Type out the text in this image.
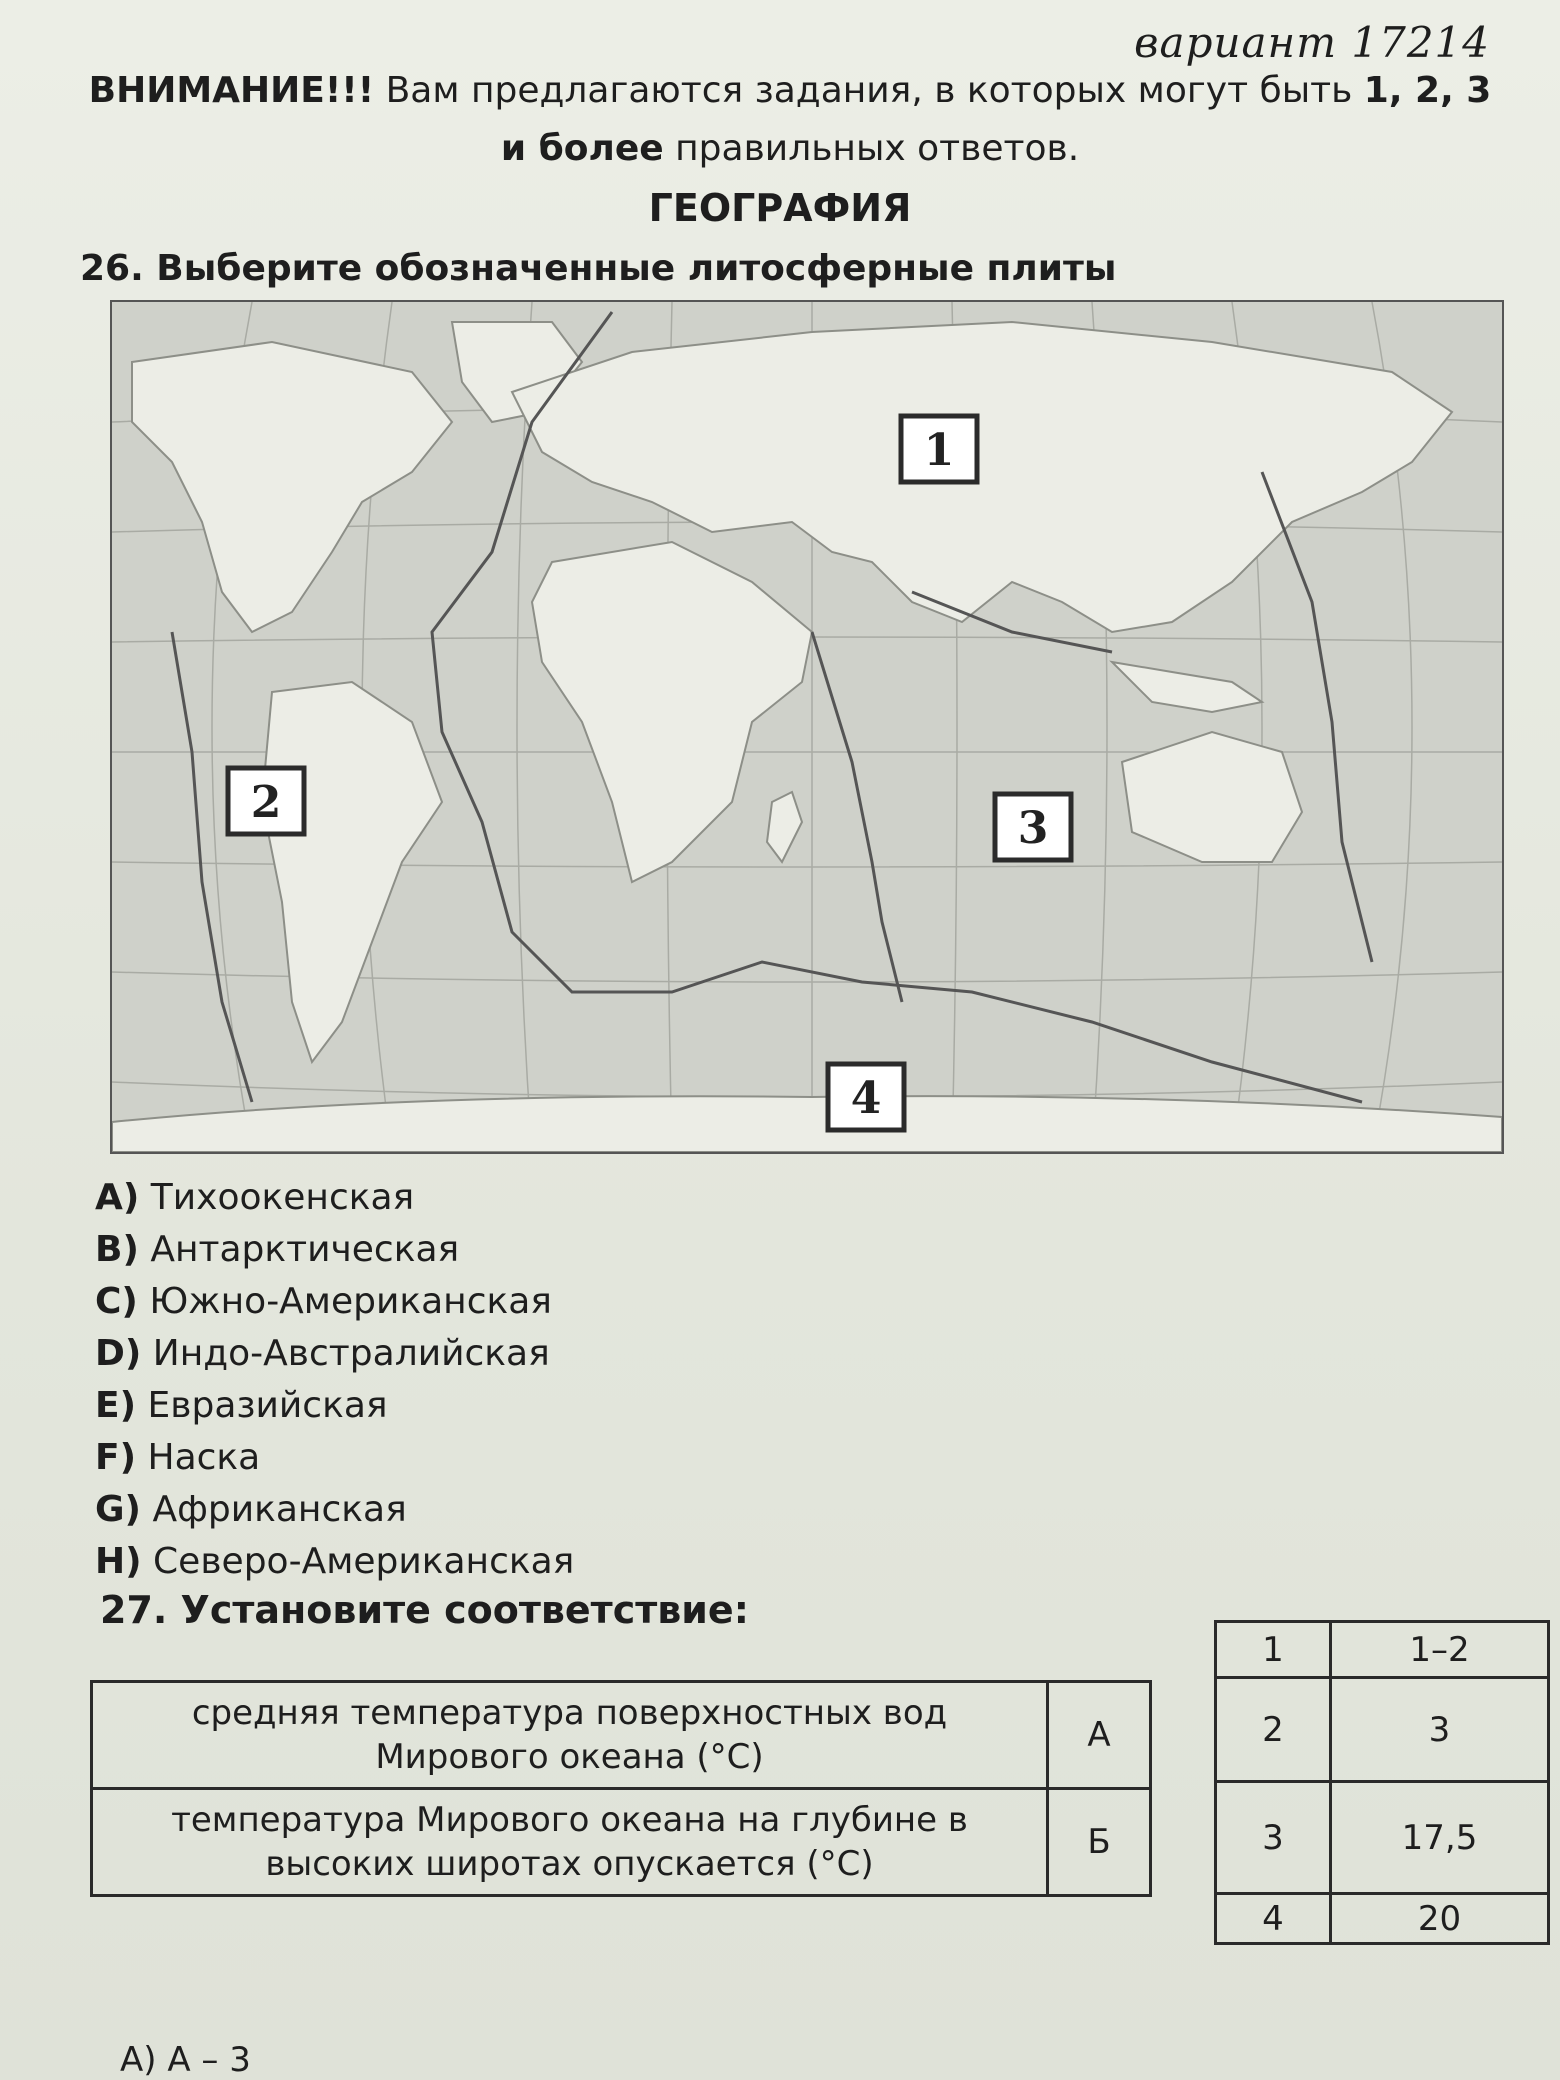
вариант 17214
ВНИМАНИЕ!!! Вам предлагаются задания, в которых могут быть 1, 2, 3
и более правильных ответов.
ГЕОГРАФИЯ
26. Выберите обозначенные литосферные плиты
1
2
3
4
A) Тихоокенская
B) Антарктическая
C) Южно-Американская
D) Индо-Австралийская
E) Евразийская
F) Наска
G) Африканская
H) Северо-Американская
27. Установите соответствие:
средняя температура поверхностных вод Мирового океана (°С)	А
температура Мирового океана на глубине в высоких широтах опускается (°С)	Б
1	1–2
2	3
3	17,5
4	20
А) А – 3
